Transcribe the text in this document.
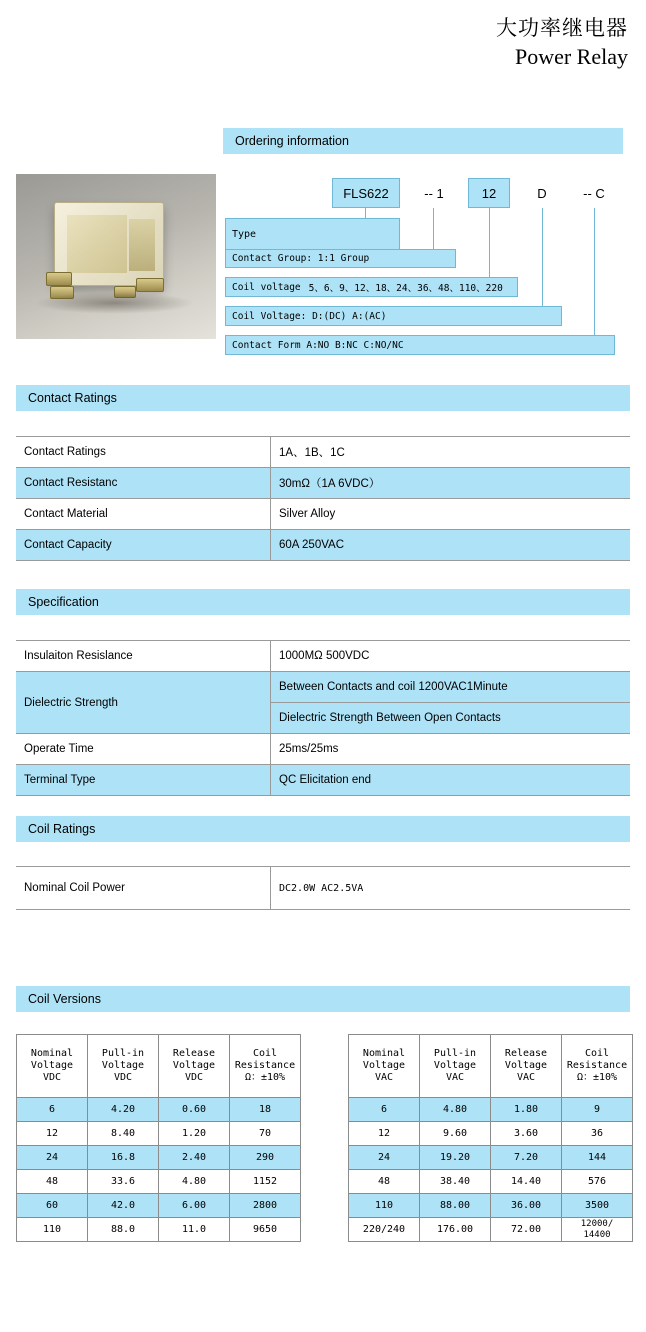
大功率继电器
Power Relay
Ordering information
FLS622	-- 1	12	D	-- C
Type
Contact Group: 1:1 Group
Coil voltage 5、6、9、12、18、24、36、48、110、220
Coil Voltage: D:(DC) A:(AC)
Contact Form A:NO B:NC C:NO/NC
Contact Ratings
Contact Ratings	1A、1B、1C
Contact Resistanc	30mΩ（1A 6VDC）
Contact Material	Silver Alloy
Contact Capacity	60A 250VAC
Specification
Insulaiton Resislance	1000MΩ 500VDC
Dielectric Strength	Between Contacts and coil 1200VAC1Minute
	Dielectric Strength Between Open Contacts
Operate Time	25ms/25ms
Terminal Type	QC Elicitation end
Coil Ratings
Nominal Coil Power	DC2.0W AC2.5VA
Coil Versions
Nominal
Voltage
VDC	Pull-in
Voltage
VDC	Release
Voltage
VDC	Coil
Resistance
Ω：±10%
6	4.20	0.60	18
12	8.40	1.20	70
24	16.8	2.40	290
48	33.6	4.80	1152
60	42.0	6.00	2800
110	88.0	11.0	9650
Nominal
Voltage
VAC	Pull-in
Voltage
VAC	Release
Voltage
VAC	Coil
Resistance
Ω：±10%
6	4.80	1.80	9
12	9.60	3.60	36
24	19.20	7.20	144
48	38.40	14.40	576
110	88.00	36.00	3500
220/240	176.00	72.00	12000/
14400
